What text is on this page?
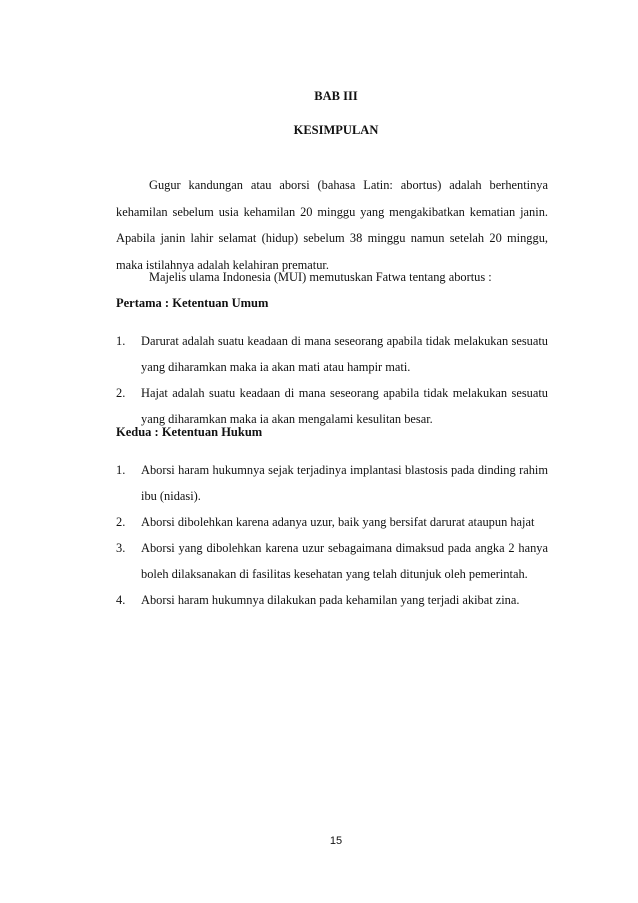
BAB III
KESIMPULAN

Gugur kandungan atau aborsi (bahasa Latin: abortus) adalah berhentinya kehamilan sebelum usia kehamilan 20 minggu yang mengakibatkan kematian janin. Apabila janin lahir selamat (hidup) sebelum 38 minggu namun setelah 20 minggu, maka istilahnya adalah kelahiran prematur.

Majelis ulama Indonesia (MUI) memutuskan Fatwa tentang abortus :

Pertama : Ketentuan Umum
1.	Darurat adalah suatu keadaan di mana seseorang apabila tidak melakukan sesuatu yang diharamkan maka ia akan mati atau hampir mati.
2.	Hajat adalah suatu keadaan di mana seseorang apabila tidak melakukan sesuatu yang diharamkan maka ia akan mengalami kesulitan besar.
Kedua : Ketentuan Hukum
1.	Aborsi haram hukumnya sejak terjadinya implantasi blastosis pada dinding rahim ibu (nidasi).
2.	Aborsi dibolehkan karena adanya uzur, baik yang bersifat darurat ataupun hajat
3.	Aborsi yang dibolehkan karena uzur sebagaimana dimaksud pada angka 2 hanya boleh dilaksanakan di fasilitas kesehatan yang telah ditunjuk oleh pemerintah.
4.	Aborsi haram hukumnya dilakukan pada kehamilan yang terjadi akibat zina.

15
